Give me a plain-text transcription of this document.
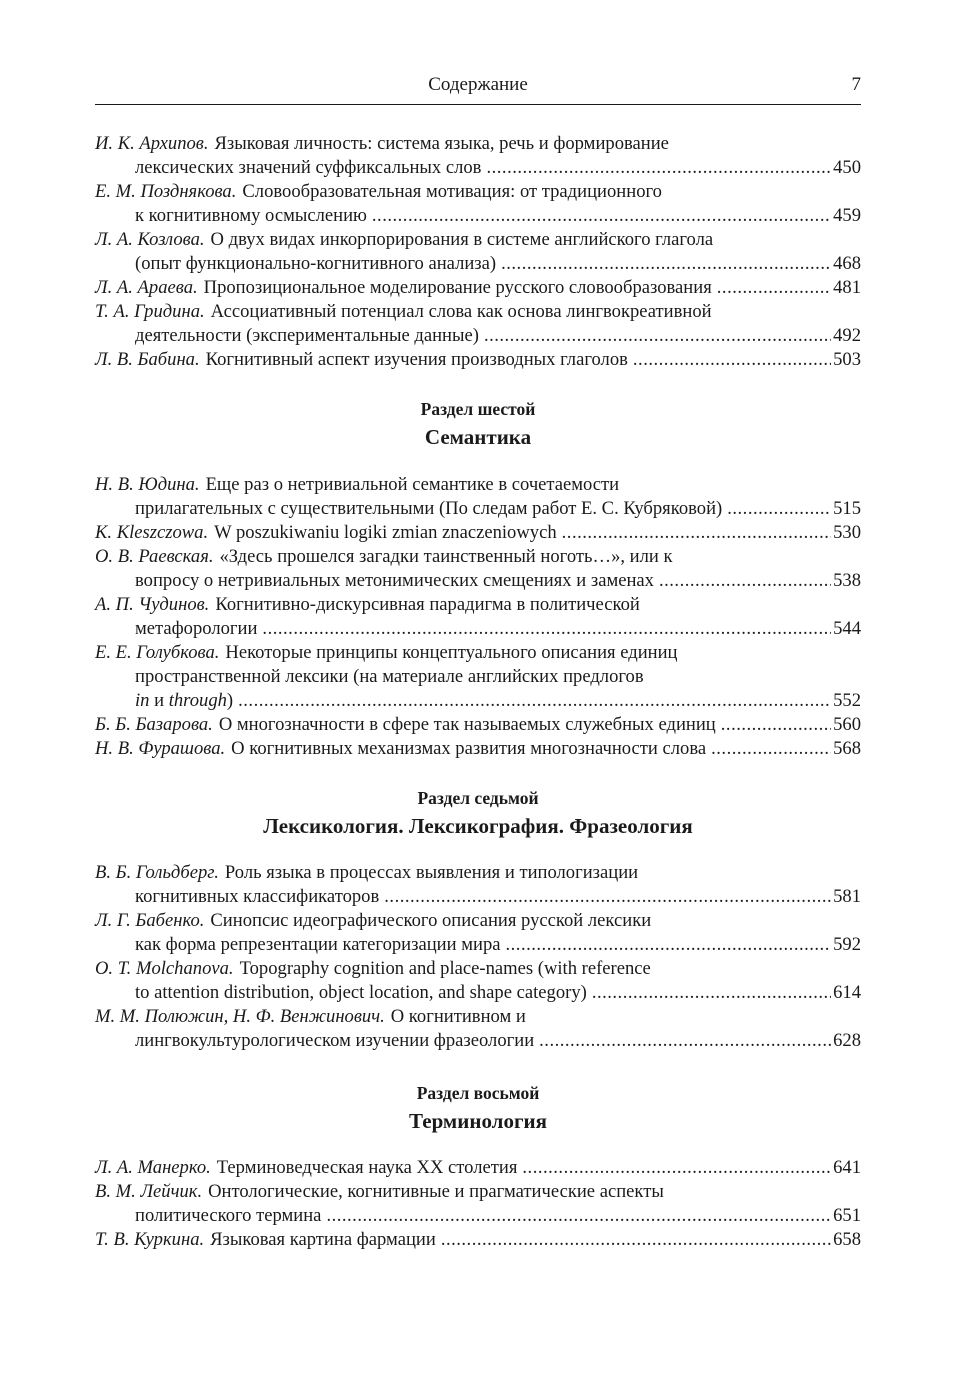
Содержание	7
И. К. Архипов. Языковая личность: система языка, речь и формирование
лексических значений суффиксальных слов .....	450
Е. М. Позднякова. Словообразовательная мотивация: от традиционного
к когнитивному осмыслению .....	459
Л. А. Козлова. О двух видах инкорпорирования в системе английского глагола
(опыт функционально-когнитивного анализа) .....	468
Л. А. Араева. Пропозициональное моделирование русского словообразования .....	481
Т. А. Гридина. Ассоциативный потенциал слова как основа лингвокреативной
деятельности (экспериментальные данные) .....	492
Л. В. Бабина. Когнитивный аспект изучения производных глаголов .....	503
Раздел шестой
Семантика
Н. В. Юдина. Еще раз о нетривиальной семантике в сочетаемости
прилагательных с существительными (По следам работ Е. С. Кубряковой) .....	515
K. Kleszczowa. W poszukiwaniu logiki zmian znaczeniowych .....	530
О. В. Раевская. «Здесь прошелся загадки таинственный ноготь…», или к
вопросу о нетривиальных метонимических смещениях и заменах .....	538
А. П. Чудинов. Когнитивно-дискурсивная парадигма в политической
метафорологии .....	544
Е. Е. Голубкова. Некоторые принципы концептуального описания единиц
пространственной лексики (на материале английских предлогов
in и through ) .....	552
Б. Б. Базарова. О многозначности в сфере так называемых служебных единиц .....	560
Н. В. Фурашова. О когнитивных механизмах развития многозначности слова .....	568
Раздел седьмой
Лексикология. Лексикография. Фразеология
В. Б. Гольдберг. Роль языка в процессах выявления и типологизации
когнитивных классификаторов .....	581
Л. Г. Бабенко. Синопсис идеографического описания русской лексики
как форма репрезентации категоризации мира .....	592
O. T. Molchanova. Topography cognition and place-names (with reference
to attention distribution, object location, and shape category) .....	614
М. М. Полюжин, Н. Ф. Венжинович. О когнитивном и
лингвокультурологическом изучении фразеологии .....	628
Раздел восьмой
Терминология
Л. А. Манерко. Терминоведческая наука XX столетия .....	641
В. М. Лейчик. Онтологические, когнитивные и прагматические аспекты
политического термина .....	651
Т. В. Куркина. Языковая картина фармации .....	658
